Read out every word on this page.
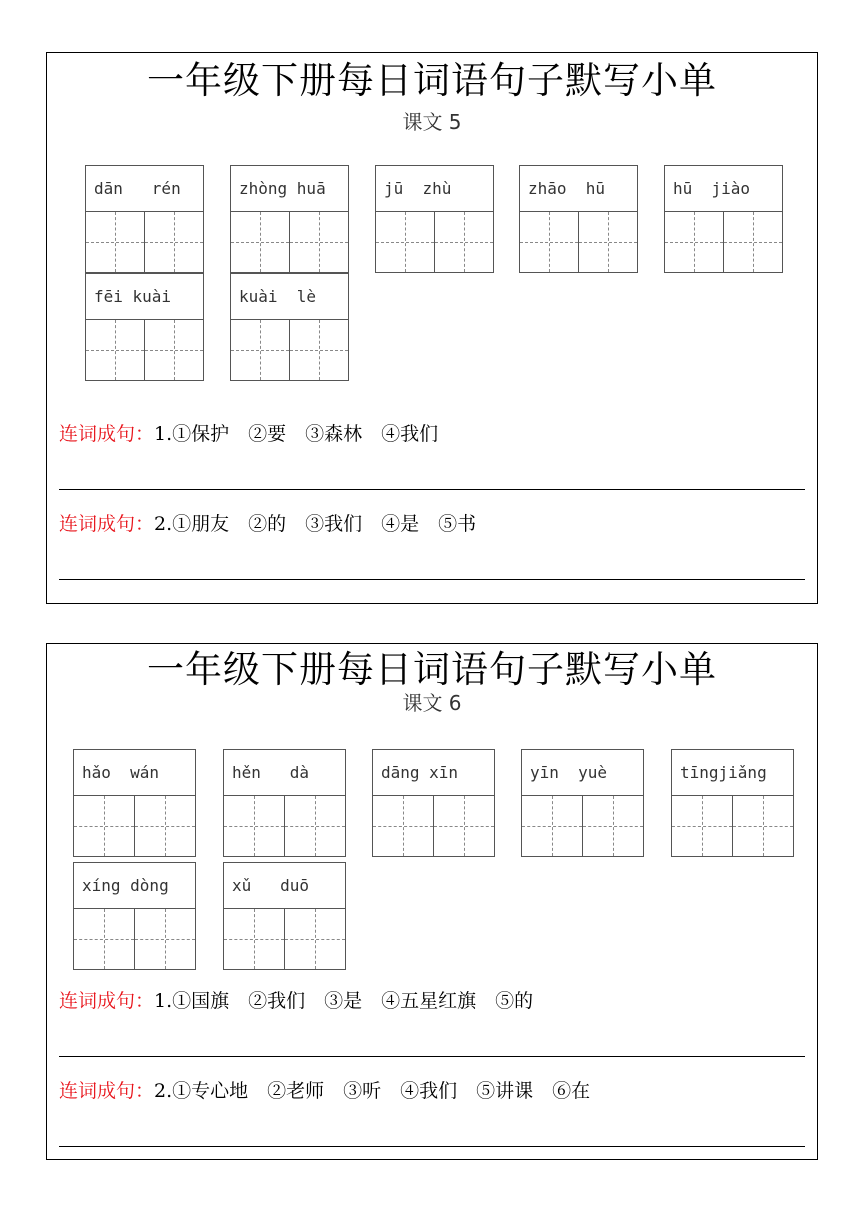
一年级下册每日词语句子默写小单
课文 5
dān   rén	zhòng huā	jū  zhù	zhāo  hū	hū  jiào
fēi kuài	kuài  lè
连词成句：1.①保护　②要　③森林　④我们
连词成句：2.①朋友　②的　③我们　④是　⑤书
一年级下册每日词语句子默写小单
课文 6
hǎo  wán	hěn   dà	dāng xīn	yīn  yuè	tīngjiǎng
xíng dòng	xǔ   duō
连词成句：1.①国旗　②我们　③是　④五星红旗　⑤的
连词成句：2.①专心地　②老师　③听　④我们　⑤讲课　⑥在
